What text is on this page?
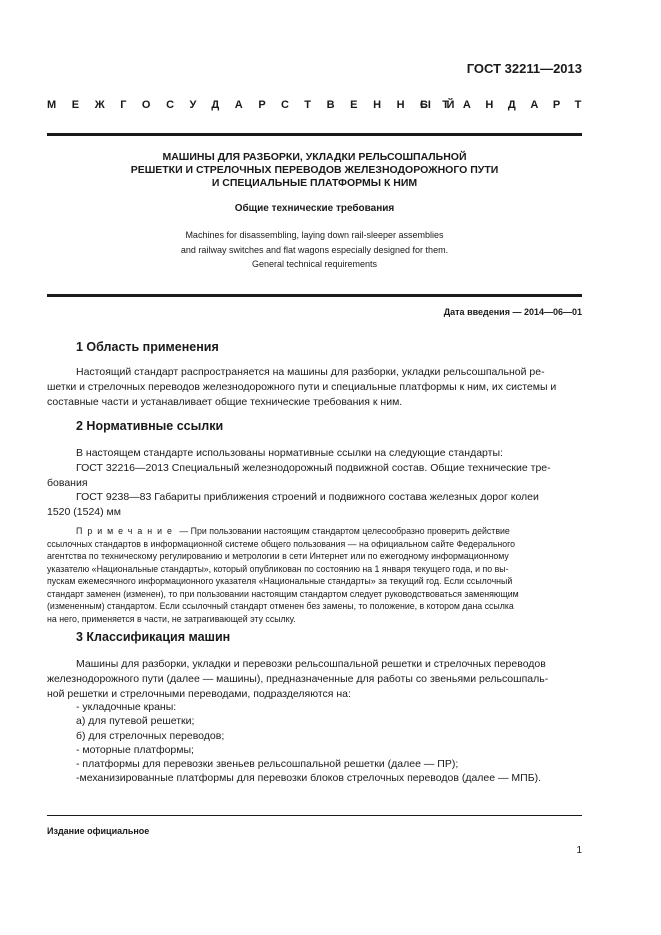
ГОСТ 32211—2013
МЕЖГОСУДАРСТВЕННЫЙ
СТАНДАРТ
МАШИНЫ ДЛЯ РАЗБОРКИ, УКЛАДКИ РЕЛЬСОШПАЛЬНОЙ
РЕШЕТКИ И СТРЕЛОЧНЫХ ПЕРЕВОДОВ ЖЕЛЕЗНОДОРОЖНОГО ПУТИ
И СПЕЦИАЛЬНЫЕ ПЛАТФОРМЫ К НИМ
Общие технические требования
Machines for disassembling, laying down rail-sleeper assemblies
and railway switches and flat wagons especially designed for them.
General technical requirements
Дата введения — 2014—06—01
1 Область применения
Настоящий стандарт распространяется на машины для разборки, укладки рельсошпальной ре-
шетки и стрелочных переводов железнодорожного пути и специальные платформы к ним, их системы и
составные части и устанавливает общие технические требования к ним.
2 Нормативные ссылки
В настоящем стандарте использованы нормативные ссылки на следующие стандарты:
ГОСТ 32216—2013 Специальный железнодорожный подвижной состав. Общие технические тре-
бования
ГОСТ 9238—83 Габариты приближения строений и подвижного состава железных дорог колеи
1520 (1524) мм
Примечание — При пользовании настоящим стандартом целесообразно проверить действие
ссылочных стандартов в информационной системе общего пользования — на официальном сайте Федерального
агентства по техническому регулированию и метрологии в сети Интернет или по ежегодному информационному
указателю «Национальные стандарты», который опубликован по состоянию на 1 января текущего года, и по вы-
пускам ежемесячного информационного указателя «Национальные стандарты» за текущий год. Если ссылочный
стандарт заменен (изменен), то при пользовании настоящим стандартом следует руководствоваться заменяющим
(измененным) стандартом. Если ссылочный стандарт отменен без замены, то положение, в котором дана ссылка
на него, применяется в части, не затрагивающей эту ссылку.
3 Классификация машин
Машины для разборки, укладки и перевозки рельсошпальной решетки и стрелочных переводов
железнодорожного пути (далее — машины), предназначенные для работы со звеньями рельсошпаль-
ной решетки и стрелочными переводами, подразделяются на:
- укладочные краны:
а) для путевой решетки;
б) для стрелочных переводов;
- моторные платформы;
- платформы для перевозки звеньев рельсошпальной решетки (далее — ПР);
-механизированные платформы для перевозки блоков стрелочных переводов (далее — МПБ).
Издание официальное
1
